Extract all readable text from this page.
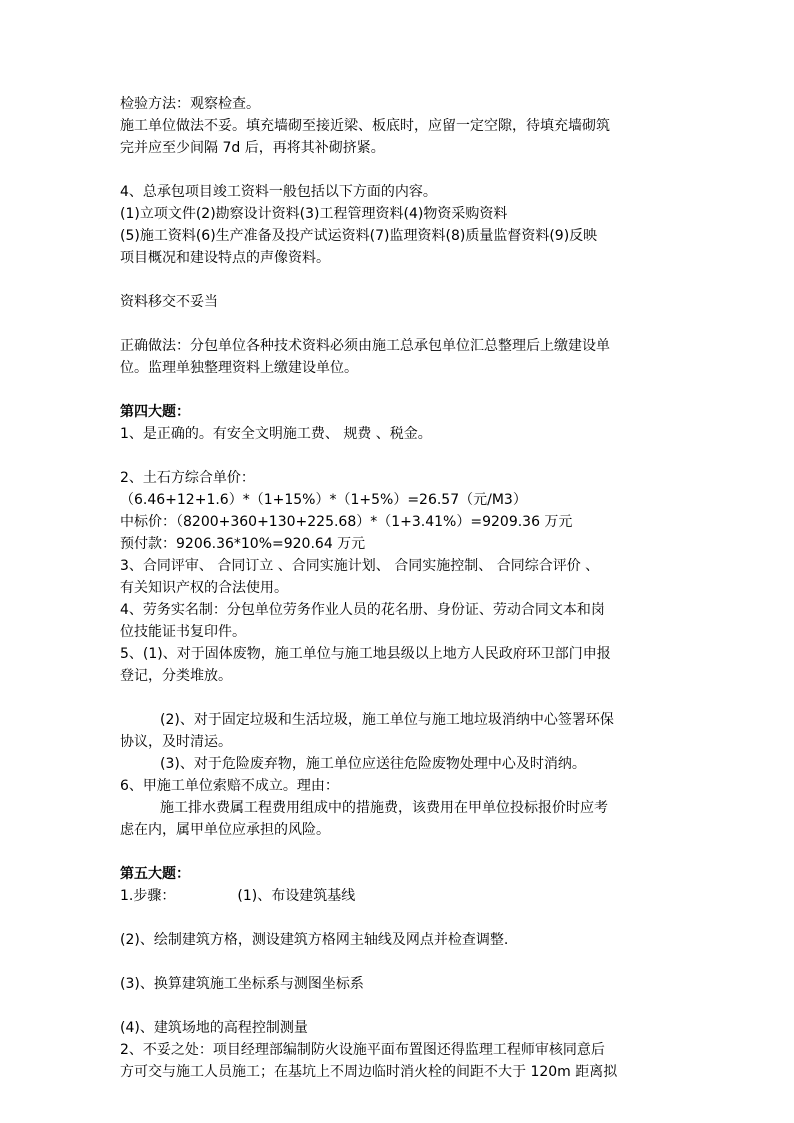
检验方法：观察检查。
施工单位做法不妥。填充墙砌至接近梁、板底时，应留一定空隙，待填充墙砌筑
完并应至少间隔 7d 后，再将其补砌挤紧。
4、总承包项目竣工资料一般包括以下方面的内容。
(1)立项文件(2)勘察设计资料(3)工程管理资料(4)物资采购资料
(5)施工资料(6)生产准备及投产试运资料(7)监理资料(8)质量监督资料(9)反映
项目概况和建设特点的声像资料。
资料移交不妥当
正确做法：分包单位各种技术资料必须由施工总承包单位汇总整理后上缴建设单
位。监理单独整理资料上缴建设单位。
第四大题：
1、是正确的。有安全文明施工费、 规费 、税金。
2、土石方综合单价：
（6.46+12+1.6）*（1+15%）*（1+5%）=26.57（元/M3）
中标价：（8200+360+130+225.68）*（1+3.41%）=9209.36 万元
预付款：9206.36*10%=920.64 万元
3、合同评审、 合同订立 、合同实施计划、 合同实施控制、 合同综合评价 、
有关知识产权的合法使用。
4、劳务实名制：分包单位劳务作业人员的花名册、身份证、劳动合同文本和岗
位技能证书复印件。
5、(1)、对于固体废物，施工单位与施工地县级以上地方人民政府环卫部门申报
登记，分类堆放。
(2)、对于固定垃圾和生活垃圾，施工单位与施工地垃圾消纳中心签署环保
协议，及时清运。
(3)、对于危险废弃物，施工单位应送往危险废物处理中心及时消纳。
6、甲施工单位索赔不成立。理由：
施工排水费属工程费用组成中的措施费，该费用在甲单位投标报价时应考
虑在内，属甲单位应承担的风险。
第五大题：
1.步骤：	(1)、布设建筑基线
(2)、绘制建筑方格，测设建筑方格网主轴线及网点并检查调整.
(3)、换算建筑施工坐标系与测图坐标系
(4)、建筑场地的高程控制测量
2、不妥之处：项目经理部编制防火设施平面布置图还得监理工程师审核同意后
方可交与施工人员施工；在基坑上不周边临时消火栓的间距不大于 120m 距离拟
